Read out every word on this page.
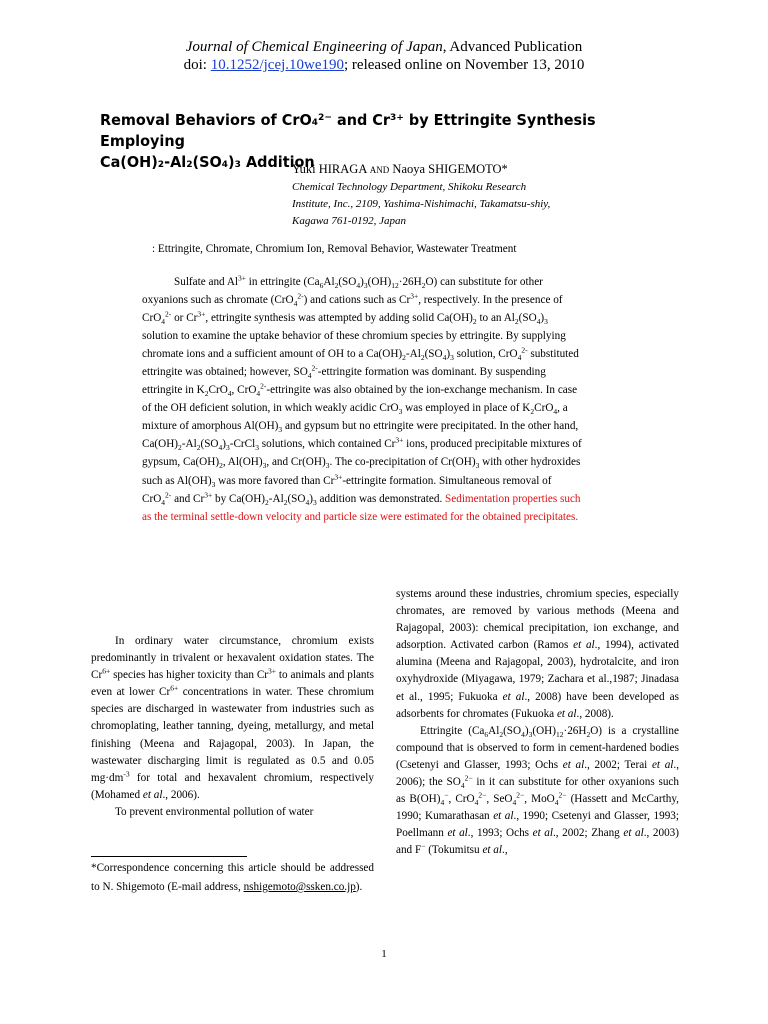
Journal of Chemical Engineering of Japan, Advanced Publication
doi: 10.1252/jcej.10we190; released online on November 13, 2010
Removal Behaviors of CrO₄²⁻ and Cr³⁺ by Ettringite Synthesis Employing
Ca(OH)₂-Al₂(SO₄)₃ Addition
Yuki HIRAGA AND Naoya SHIGEMOTO*
Chemical Technology Department, Shikoku Research
Institute, Inc., 2109, Yashima-Nishimachi, Takamatsu-shiy,
Kagawa 761-0192, Japan
: Ettringite, Chromate, Chromium Ion, Removal Behavior, Wastewater Treatment
Sulfate and $Al^{3+}$ in ettringite $(Ca_6Al_2(SO_4)_3(OH)_{12}\cdot 26H_2O)$ can substitute for other oxyanions such as chromate (CrO$_4^{2-}$) and cations such as $Cr^{3+}$, respectively. In the presence of CrO$_4^{2-}$ or $Cr^{3+}$, ettringite synthesis was attempted by adding solid $Ca(OH)_2$ to an $Al_2(SO_4)_3$ solution to examine the uptake behavior of these chromium species by ettringite. By supplying chromate ions and a sufficient amount of OH to a $Ca(OH)_2-Al_2(SO_4)_3$ solution, CrO$_4^{2-}$ substituted ettringite was obtained; however, $SO_4^{2-}$-ettringite formation was dominant. By suspending ettringite in $K_2CrO_4$, CrO$_4^{2-}$-ettringite was also obtained by the ion-exchange mechanism. In case of the OH deficient solution, in which weakly acidic CrO$_3$ was employed in place of $K_2CrO_4$, a mixture of amorphous $Al(OH)_3$ and gypsum but no ettringite were precipitated. In the other hand, $Ca(OH)_2-Al_2(SO_4)_3-CrCl_3$ solutions, which contained $Cr^{3+}$ ions, produced precipitable mixtures of gypsum, $Ca(OH)_2$, $Al(OH)_3$, and $Cr(OH)_3$. The co-precipitation of $Cr(OH)_3$ with other hydroxides such as $Al(OH)_3$ was more favored than $Cr^{3+}$-ettringite formation. Simultaneous removal of CrO$_4^{2-}$ and $Cr^{3+}$ by $Ca(OH)_2-Al_2(SO_4)_3$ addition was demonstrated. Sedimentation properties such as the terminal settle-down velocity and particle size were estimated for the obtained precipitates.

In ordinary water circumstance, chromium exists predominantly in trivalent or hexavalent oxidation states. The $Cr^{6+}$ species has higher toxicity than $Cr^{3+}$ to animals and plants even at lower $Cr^{6+}$ concentrations in water. These chromium species are discharged in wastewater from industries such as chromoplating, leather tanning, dyeing, metallurgy, and metal finishing (Meena and Rajagopal, 2003). In Japan, the wastewater discharging limit is regulated as 0.5 and 0.05 $mg\cdot dm^{-3}$ for total and hexavalent chromium, respectively (Mohamed et al., 2006).

To prevent environmental pollution of water

*Correspondence concerning this article should be addressed to N. Shigemoto (E-mail address, nshigemoto@ssken.co.jp).

systems around these industries, chromium species, especially chromates, are removed by various methods (Meena and Rajagopal, 2003): chemical precipitation, ion exchange, and adsorption. Activated carbon (Ramos et al., 1994), activated alumina (Meena and Rajagopal, 2003), hydrotalcite, and iron oxyhydroxide (Miyagawa, 1979; Zachara et al.,1987; Jinadasa et al., 1995; Fukuoka et al., 2008) have been developed as adsorbents for chromates (Fukuoka et al., 2008).

Ettringite $(Ca_6Al_2(SO_4)_3(OH)_{12}\cdot 26H_2O)$ is a crystalline compound that is observed to form in cement-hardened bodies (Csetenyi and Glasser, 1993; Ochs et al., 2002; Terai et al., 2006); the $SO_4^{2-}$ in it can substitute for other oxyanions such as $B(OH)_4^-$, CrO$_4^{2-}$, SeO$_4^{2-}$, MoO$_4^{2-}$ (Hassett and McCarthy, 1990; Kumarathasan et al., 1990; Csetenyi and Glasser, 1993; Poellmann et al., 1993; Ochs et al., 2002; Zhang et al., 2003) and F− (Tokumitsu et al.,

1
